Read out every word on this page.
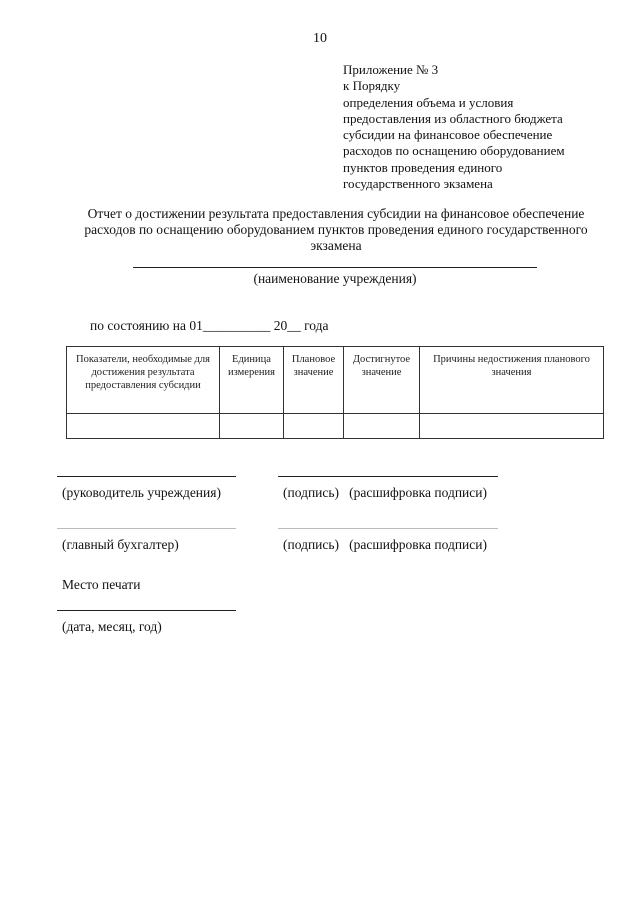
10
Приложение № 3
к Порядку
определения объема и условия
предоставления из областного бюджета
субсидии на финансовое обеспечение
расходов по оснащению оборудованием
пунктов проведения единого
государственного экзамена
Отчет о достижении результата предоставления субсидии на финансовое обеспечение
расходов по оснащению оборудованием пунктов проведения единого государственного
экзамена
(наименование учреждения)
по состоянию на 01__________ 20__ года
Показатели, необходимые для достижения результата предоставления субсидии	Единица измерения	Плановое значение	Достигнутое значение	Причины недостижения планового значения

(руководитель учреждения)	(подпись)   (расшифровка подписи)
(главный бухгалтер)	(подпись)   (расшифровка подписи)
Место печати
(дата, месяц, год)
